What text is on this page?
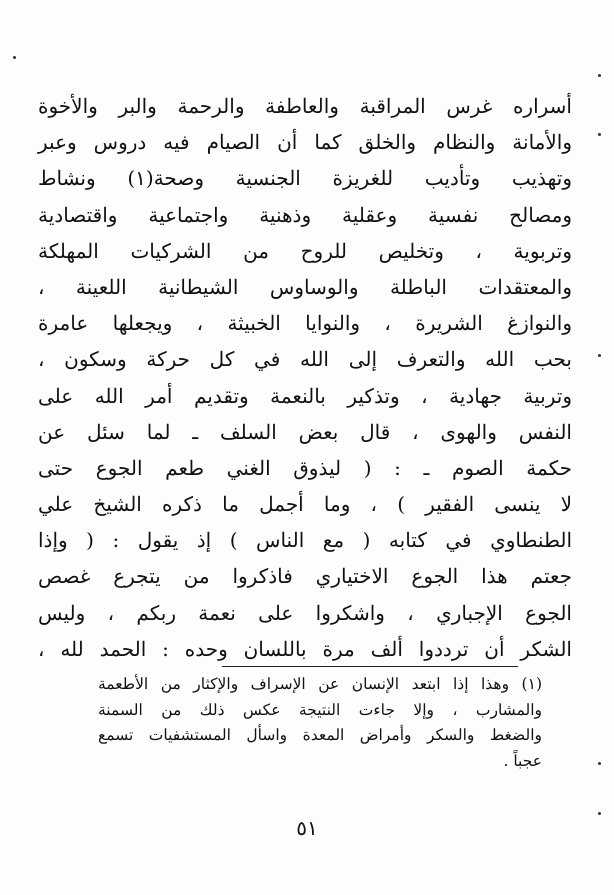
أسراره غرس المراقبة والعاطفة والرحمة والبر والأخوة
والأمانة والنظام والخلق كما أن الصيام فيه دروس وعبر
وتهذيب وتأديب للغريزة الجنسية وصحة(١) ونشاط
ومصالح نفسية وعقلية وذهنية واجتماعية واقتصادية
وتربوية ، وتخليص للروح من الشركيات المهلكة
والمعتقدات الباطلة والوساوس الشيطانية اللعينة ،
والنوازغ الشريرة ، والنوايا الخبيثة ، ويجعلها عامرة
بحب الله والتعرف إلى الله في كل حركة وسكون ،
وتربية جهادية ، وتذكير بالنعمة وتقديم أمر الله على
النفس والهوى ، قال بعض السلف ـ لما سئل عن
حكمة الصوم ـ : ( ليذوق الغني طعم الجوع حتى
لا ينسى الفقير ) ، وما أجمل ما ذكره الشيخ علي
الطنطاوي في كتابه ( مع الناس ) إذ يقول : ( وإذا
جعتم هذا الجوع الاختياري فاذكروا من يتجرع غصص
الجوع الإجباري ، واشكروا على نعمة ربكم ، وليس
الشكر أن ترددوا ألف مرة باللسان وحده : الحمد لله ،
(١) وهذا إذا ابتعد الإنسان عن الإسراف والإكثار من الأطعمة
والمشارب ، وإلا جاءت النتيجة عكس ذلك من السمنة
والضغط والسكر وأمراض المعدة واسأل المستشفيات تسمع
عجباً .
٥١
